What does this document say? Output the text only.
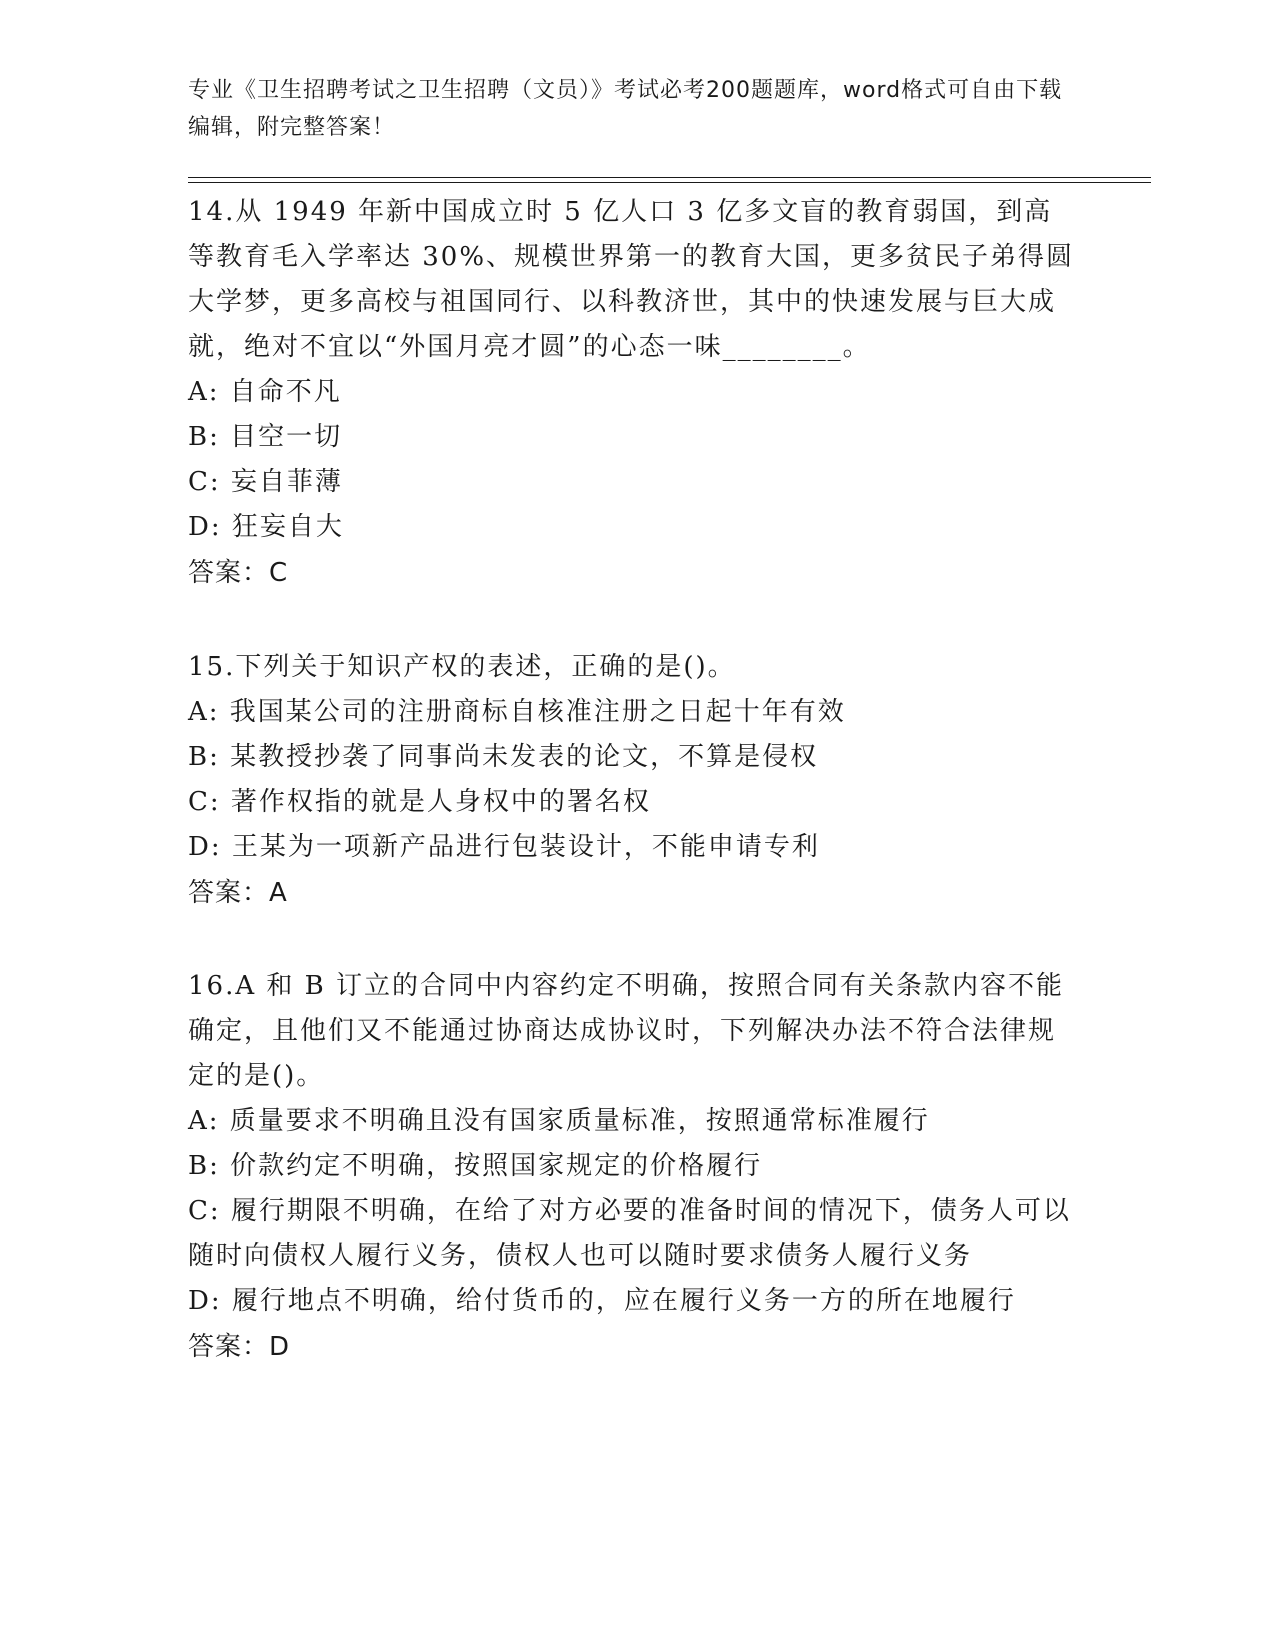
专业《卫生招聘考试之卫生招聘（文员）》考试必考200题题库，word格式可自由下载编辑，附完整答案！

14.从 1949 年新中国成立时 5 亿人口 3 亿多文盲的教育弱国，到高等教育毛入学率达 30%、规模世界第一的教育大国，更多贫民子弟得圆大学梦，更多高校与祖国同行、以科教济世，其中的快速发展与巨大成就，绝对不宜以“外国月亮才圆”的心态一味________。

A: 自命不凡

B: 目空一切

C: 妄自菲薄

D: 狂妄自大

答案：C

15.下列关于知识产权的表述，正确的是()。

A: 我国某公司的注册商标自核准注册之日起十年有效

B: 某教授抄袭了同事尚未发表的论文，不算是侵权

C: 著作权指的就是人身权中的署名权

D: 王某为一项新产品进行包装设计，不能申请专利

答案：A

16.A 和 B 订立的合同中内容约定不明确，按照合同有关条款内容不能确定，且他们又不能通过协商达成协议时，下列解决办法不符合法律规定的是()。

A: 质量要求不明确且没有国家质量标准，按照通常标准履行

B: 价款约定不明确，按照国家规定的价格履行

C: 履行期限不明确，在给了对方必要的准备时间的情况下，债务人可以随时向债权人履行义务，债权人也可以随时要求债务人履行义务

D: 履行地点不明确，给付货币的，应在履行义务一方的所在地履行

答案：D
